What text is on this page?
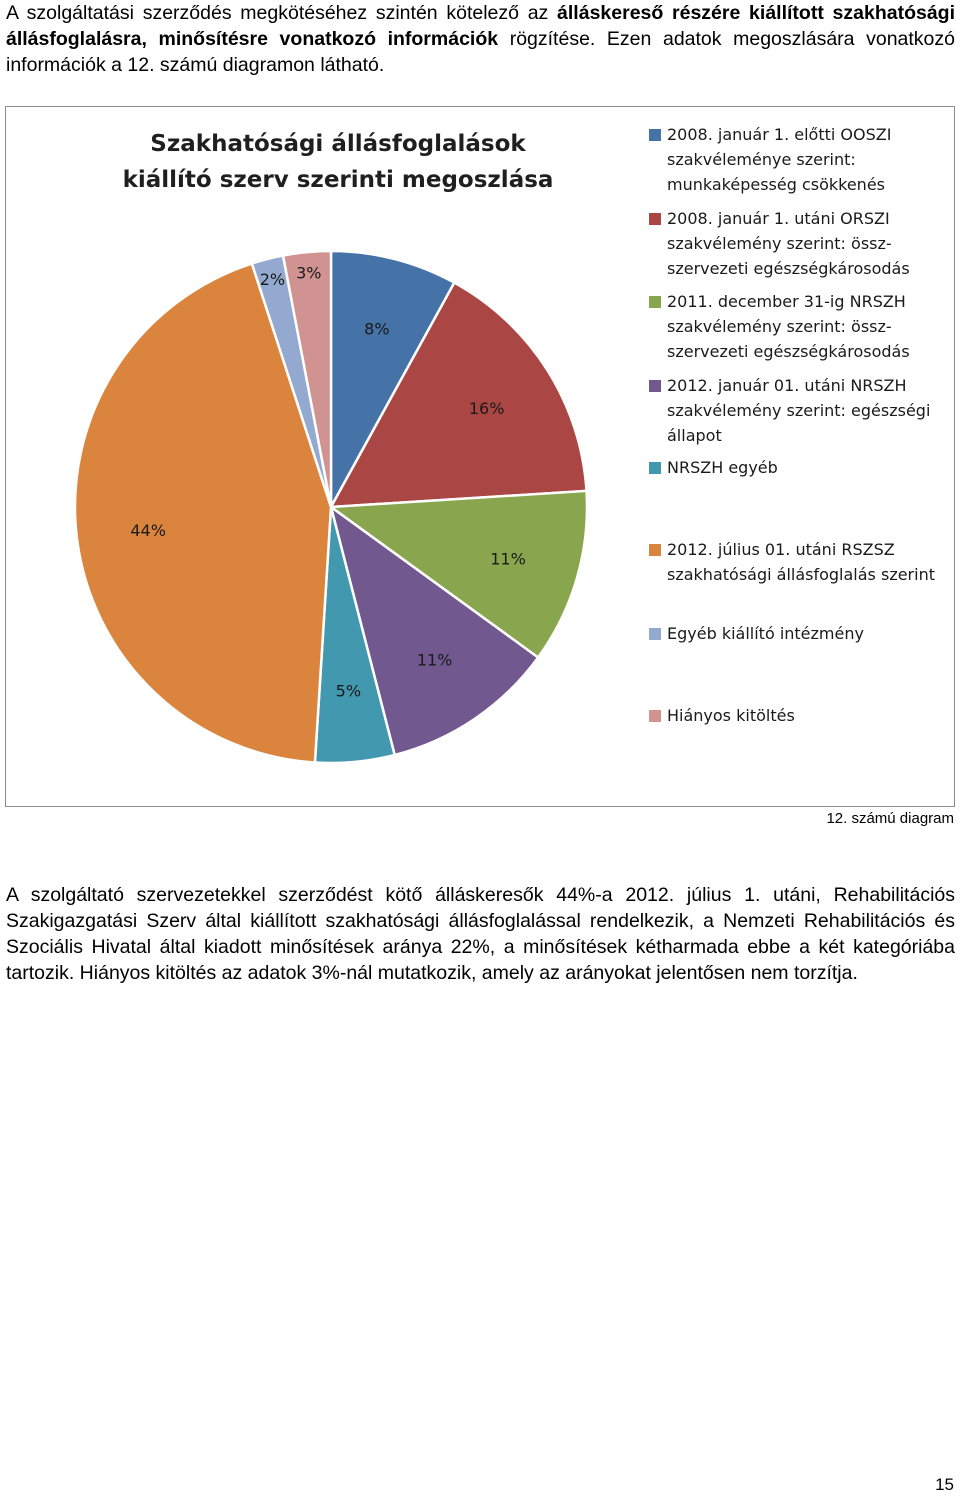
A szolgáltatási szerződés megkötéséhez szintén kötelező az álláskereső részére kiállított szakhatósági állásfoglalásra, minősítésre vonatkozó információk rögzítése. Ezen adatok megoszlására vonatkozó információk a 12. számú diagramon látható.

Szakhatósági állásfoglalások
kiállító szerv szerinti megoszlása
8%
16%
11%
11%
5%
44%
2% 3%
2008. január 1. előtti OOSZI
szakvéleménye szerint:
munkaképesség csökkenés
2008. január 1. utáni ORSZI
szakvélemény szerint: össz-
szervezeti egészségkárosodás
2011. december 31-ig NRSZH
szakvélemény szerint: össz-
szervezeti egészségkárosodás
2012. január 01. utáni NRSZH
szakvélemény szerint: egészségi
állapot
NRSZH egyéb
2012. július 01. utáni RSZSZ
szakhatósági állásfoglalás szerint
Egyéb kiállító intézmény
Hiányos kitöltés
12. számú diagram

A szolgáltató szervezetekkel szerződést kötő álláskeresők 44%-a 2012. július 1. utáni, Rehabilitációs Szakigazgatási Szerv által kiállított szakhatósági állásfoglalással rendelkezik, a Nemzeti Rehabilitációs és Szociális Hivatal által kiadott minősítések aránya 22%, a minősítések kétharmada ebbe a két kategóriába tartozik. Hiányos kitöltés az adatok 3%-nál mutatkozik, amely az arányokat jelentősen nem torzítja.

15
